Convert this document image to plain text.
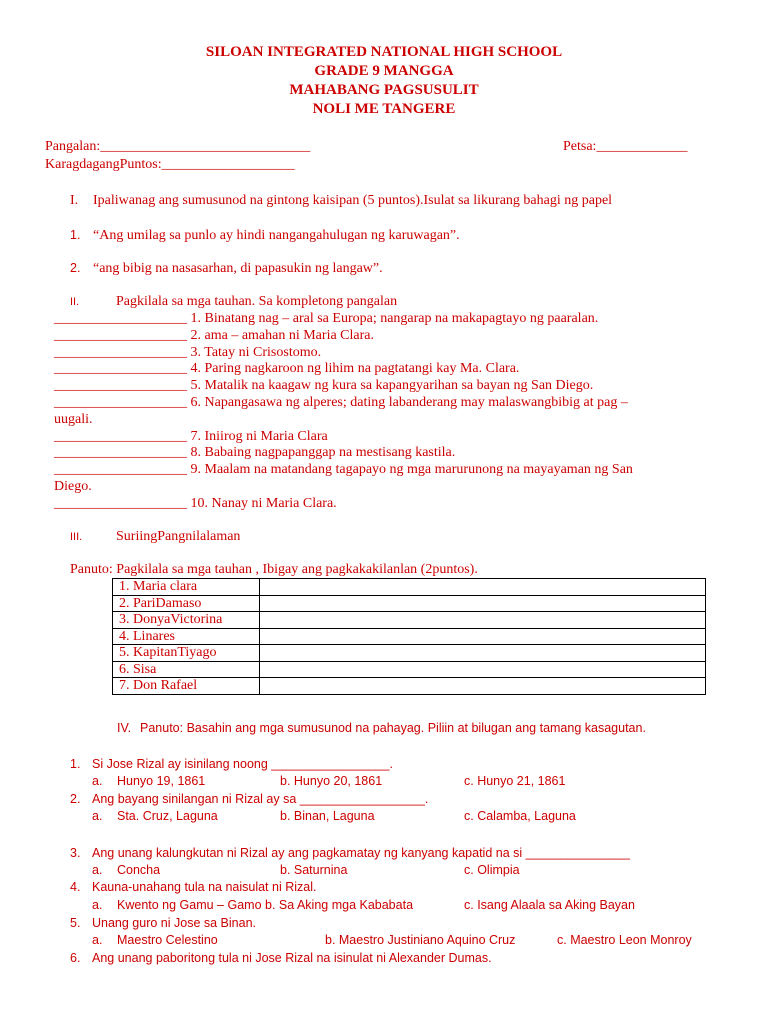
SILOAN INTEGRATED NATIONAL HIGH SCHOOL
GRADE 9 MANGGA
MAHABANG PAGSUSULIT
NOLI ME TANGERE
Pangalan:______________________________	Petsa:_____________
KaragdagangPuntos:___________________
I. Ipaliwanag ang sumusunod na gintong kaisipan (5 puntos).Isulat sa likurang bahagi ng papel
1. “Ang umilag sa punlo ay hindi nangangahulugan ng karuwagan”.
2. “ang bibig na nasasarhan, di papasukin ng langaw”.
II.	Pagkilala sa mga tauhan. Sa kompletong pangalan
___________________ 1. Binatang nag – aral sa Europa; nangarap na makapagtayo ng paaralan.
___________________ 2. ama – amahan ni Maria Clara.
___________________ 3. Tatay ni Crisostomo.
___________________ 4. Paring nagkaroon ng lihim na pagtatangi kay Ma. Clara.
___________________ 5. Matalik na kaagaw ng kura sa kapangyarihan sa bayan ng San Diego.
___________________ 6. Napangasawa ng alperes; dating labanderang may malaswangbibig at pag –
uugali.
___________________ 7. Iniirog ni Maria Clara
___________________ 8. Babaing nagpapanggap na mestisang kastila.
___________________ 9. Maalam na matandang tagapayo ng mga marurunong na mayayaman ng San
Diego.
___________________ 10. Nanay ni Maria Clara.
III. SuriingPangnilalaman
Panuto: Pagkilala sa mga tauhan , Ibigay ang pagkakakilanlan (2puntos).
1. Maria clara	
2. PariDamaso	
3. DonyaVictorina	
4. Linares	
5. KapitanTiyago	
6. Sisa	
7. Don Rafael	
IV. Panuto: Basahin ang mga sumusunod na pahayag. Piliin at bilugan ang tamang kasagutan.
1. Si Jose Rizal ay isinilang noong _________________.
a. Hunyo 19, 1861	b. Hunyo 20, 1861	c. Hunyo 21, 1861
2. Ang bayang sinilangan ni Rizal ay sa __________________.
a. Sta. Cruz, Laguna	b. Binan, Laguna	c. Calamba, Laguna
3. Ang unang kalungkutan ni Rizal ay ang pagkamatay ng kanyang kapatid na si _______________
a. Concha	b. Saturnina	c. Olimpia
4. Kauna-unahang tula na naisulat ni Rizal.
a. Kwento ng Gamu – Gamo b. Sa Aking mga Kababata	c. Isang Alaala sa Aking Bayan
5. Unang guro ni Jose sa Binan.
a. Maestro Celestino	b. Maestro Justiniano Aquino Cruz	c. Maestro Leon Monroy
6. Ang unang paboritong tula ni Jose Rizal na isinulat ni Alexander Dumas.
